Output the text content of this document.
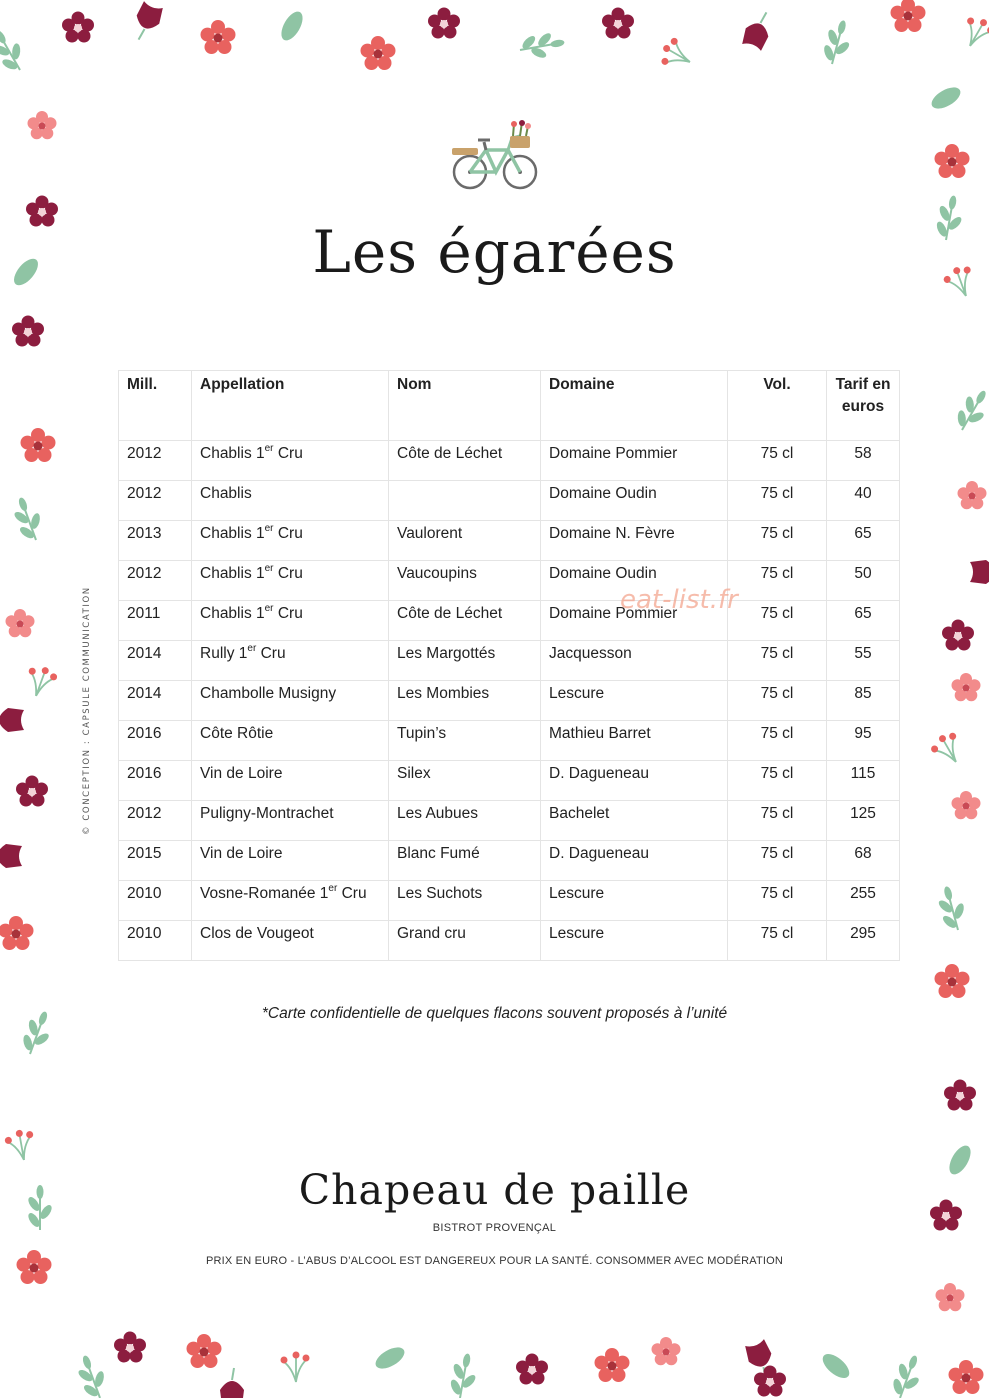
© CONCEPTION : CAPSULE COMMUNICATION
Les égarées
Mill.	Appellation	Nom	Domaine	Vol.	Tarif en
euros
2012	Chablis 1er Cru	Côte de Léchet	Domaine Pommier	75 cl	58
2012	Chablis		Domaine Oudin	75 cl	40
2013	Chablis 1er Cru	Vaulorent	Domaine N. Fèvre	75 cl	65
2012	Chablis 1er Cru	Vaucoupins	Domaine Oudin	75 cl	50
2011	Chablis 1er Cru	Côte de Léchet	Domaine Pommier	75 cl	65
2014	Rully 1er Cru	Les Margottés	Jacquesson	75 cl	55
2014	Chambolle Musigny	Les Mombies	Lescure	75 cl	85
2016	Côte Rôtie	Tupin’s	Mathieu Barret	75 cl	95
2016	Vin de Loire	Silex	D. Dagueneau	75 cl	115
2012	Puligny-Montrachet	Les Aubues	Bachelet	75 cl	125
2015	Vin de Loire	Blanc Fumé	D. Dagueneau	75 cl	68
2010	Vosne-Romanée 1er Cru	Les Suchots	Lescure	75 cl	255
2010	Clos de Vougeot	Grand cru	Lescure	75 cl	295
eat-list.fr
*Carte confidentielle de quelques flacons souvent proposés à l’unité
Chapeau de paille
BISTROT PROVENÇAL
PRIX EN EURO - L’ABUS D’ALCOOL EST DANGEREUX POUR LA SANTÉ. CONSOMMER AVEC MODÉRATION
